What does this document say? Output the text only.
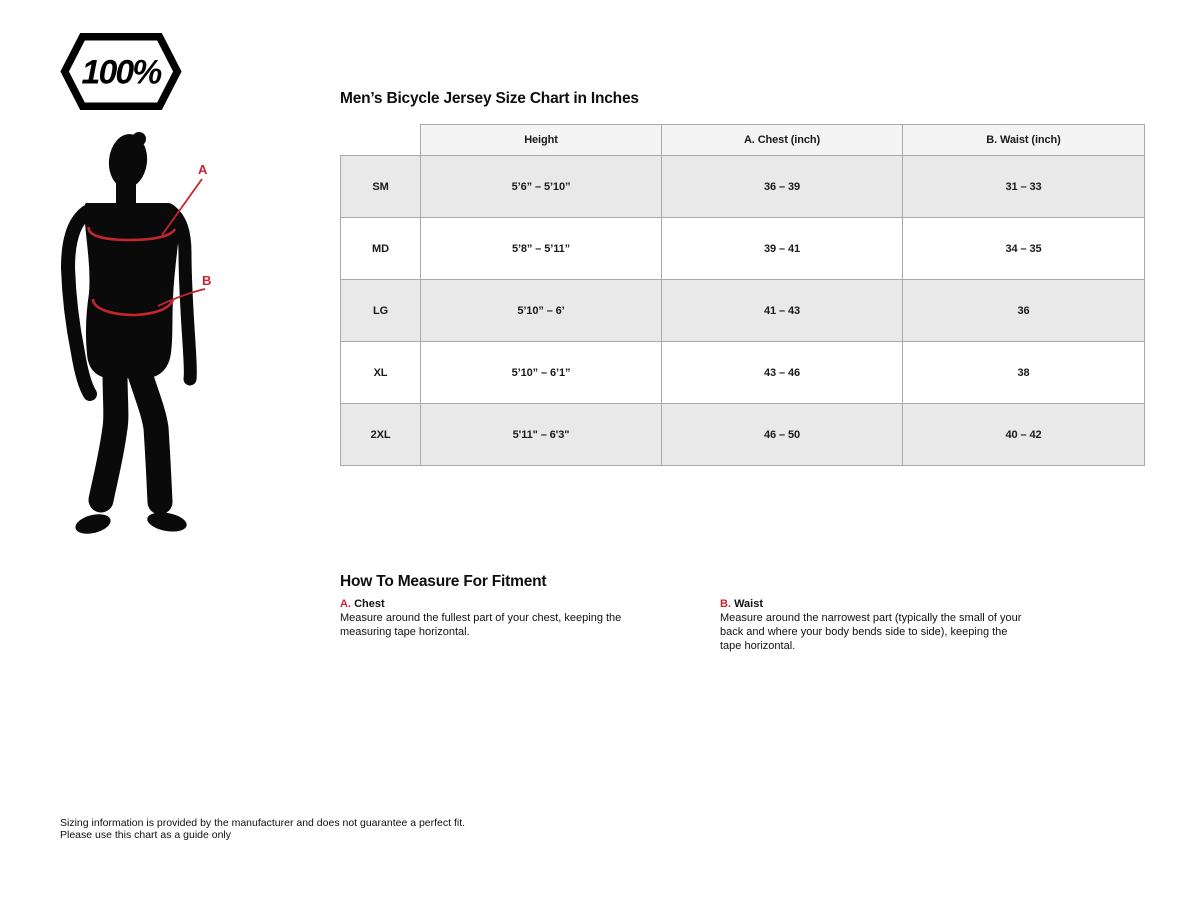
100%
A
B
Men’s Bicycle Jersey Size Chart in Inches
	Height	A. Chest (inch)	B. Waist (inch)
SM	5’6” – 5’10”	36 – 39	31 – 33
MD	5’8” – 5’11”	39 – 41	34 – 35
LG	5’10” – 6’	41 – 43	36
XL	5’10” – 6’1”	43 – 46	38
2XL	5'11" – 6'3"	46 – 50	40 – 42
How To Measure For Fitment
A. Chest
Measure around the fullest part of your chest, keeping the measuring tape horizontal.
B. Waist
Measure around the narrowest part (typically the small of your back and where your body bends side to side), keeping the tape horizontal.
Sizing information is provided by the manufacturer and does not guarantee a perfect fit.
Please use this chart as a guide only
